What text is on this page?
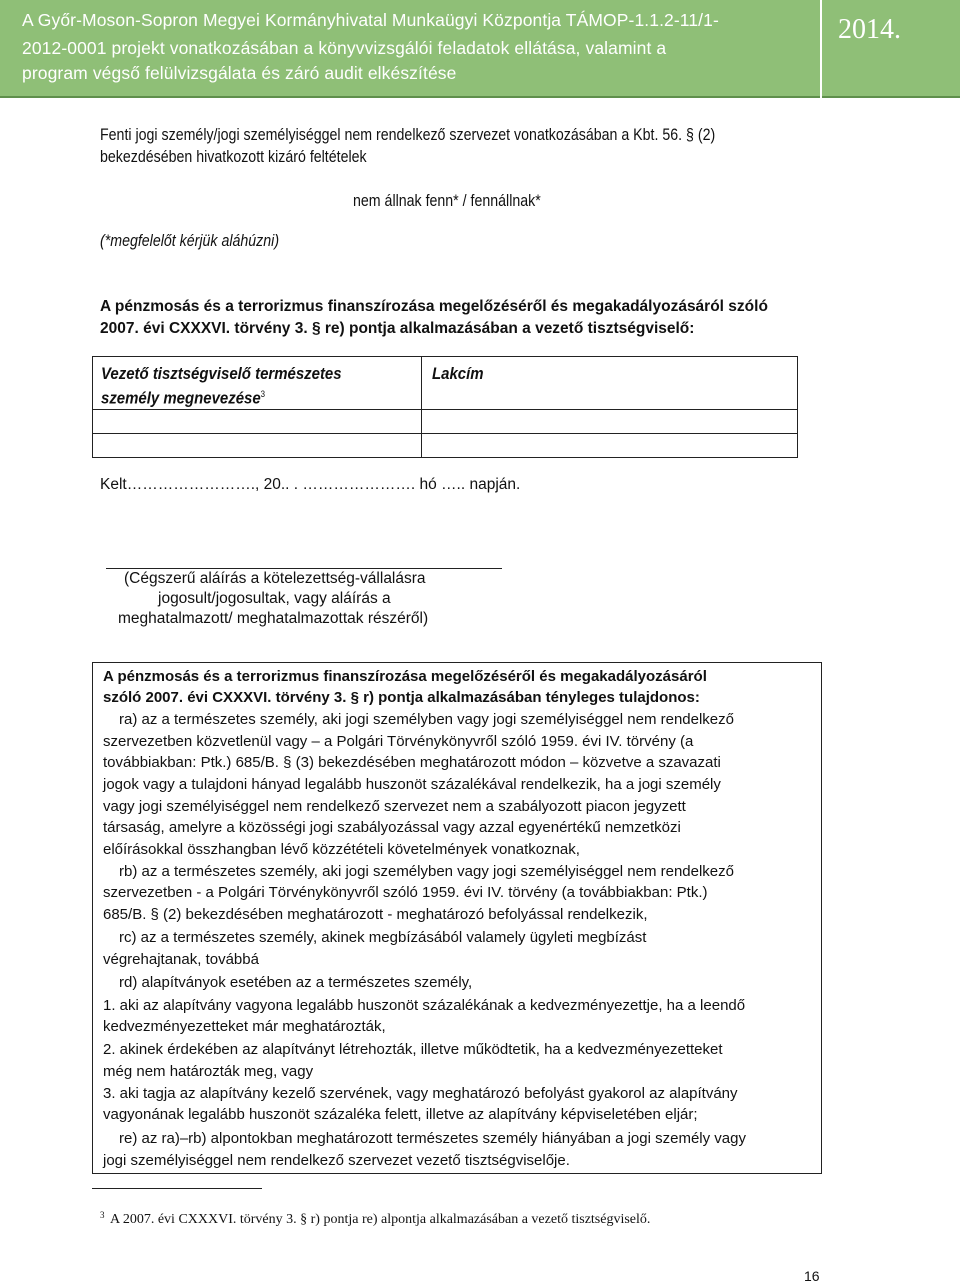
A Győr-Moson-Sopron Megyei Kormányhivatal Munkaügyi Központja TÁMOP-1.1.2-11/1-
2012-0001 projekt vonatkozásában a könyvvizsgálói feladatok ellátása, valamint a
program végső felülvizsgálata és záró audit elkészítése
2014.
Fenti jogi személy/jogi személyiséggel nem rendelkező szervezet vonatkozásában a Kbt. 56. § (2)
bekezdésében hivatkozott kizáró feltételek
nem állnak fenn* / fennállnak*
(*megfelelőt kérjük aláhúzni)
A pénzmosás és a terrorizmus finanszírozása megelőzéséről és megakadályozásáról szóló
2007. évi CXXXVI. törvény 3. § re) pontja alkalmazásában a vezető tisztségviselő:
Vezető tisztségviselő természetes
személy megnevezése$^3$	Lakcím

Kelt……………………., 20.. . …………………. hó ….. napján.
(Cégszerű aláírás a kötelezettség-vállalásra
jogosult/jogosultak, vagy aláírás a
meghatalmazott/ meghatalmazottak részéről)
A pénzmosás és a terrorizmus finanszírozása megelőzéséről és megakadályozásáról
szóló 2007. évi CXXXVI. törvény 3. § r) pontja alkalmazásában tényleges tulajdonos:
ra) az a természetes személy, aki jogi személyben vagy jogi személyiséggel nem rendelkező
szervezetben közvetlenül vagy – a Polgári Törvénykönyvről szóló 1959. évi IV. törvény (a
továbbiakban: Ptk.) 685/B. § (3) bekezdésében meghatározott módon – közvetve a szavazati
jogok vagy a tulajdoni hányad legalább huszonöt százalékával rendelkezik, ha a jogi személy
vagy jogi személyiséggel nem rendelkező szervezet nem a szabályozott piacon jegyzett
társaság, amelyre a közösségi jogi szabályozással vagy azzal egyenértékű nemzetközi
előírásokkal összhangban lévő közzétételi követelmények vonatkoznak,
rb) az a természetes személy, aki jogi személyben vagy jogi személyiséggel nem rendelkező
szervezetben - a Polgári Törvénykönyvről szóló 1959. évi IV. törvény (a továbbiakban: Ptk.)
685/B. § (2) bekezdésében meghatározott - meghatározó befolyással rendelkezik,
rc) az a természetes személy, akinek megbízásából valamely ügyleti megbízást
végrehajtanak, továbbá
rd) alapítványok esetében az a természetes személy,
1. aki az alapítvány vagyona legalább huszonöt százalékának a kedvezményezettje, ha a leendő
kedvezményezetteket már meghatározták,
2. akinek érdekében az alapítványt létrehozták, illetve működtetik, ha a kedvezményezetteket
még nem határozták meg, vagy
3. aki tagja az alapítvány kezelő szervének, vagy meghatározó befolyást gyakorol az alapítvány
vagyonának legalább huszonöt százaléka felett, illetve az alapítvány képviseletében eljár;
re) az ra)–rb) alpontokban meghatározott természetes személy hiányában a jogi személy vagy
jogi személyiséggel nem rendelkező szervezet vezető tisztségviselője.
3 A 2007. évi CXXXVI. törvény 3. § r) pontja re) alpontja alkalmazásában a vezető tisztségviselő.
16
